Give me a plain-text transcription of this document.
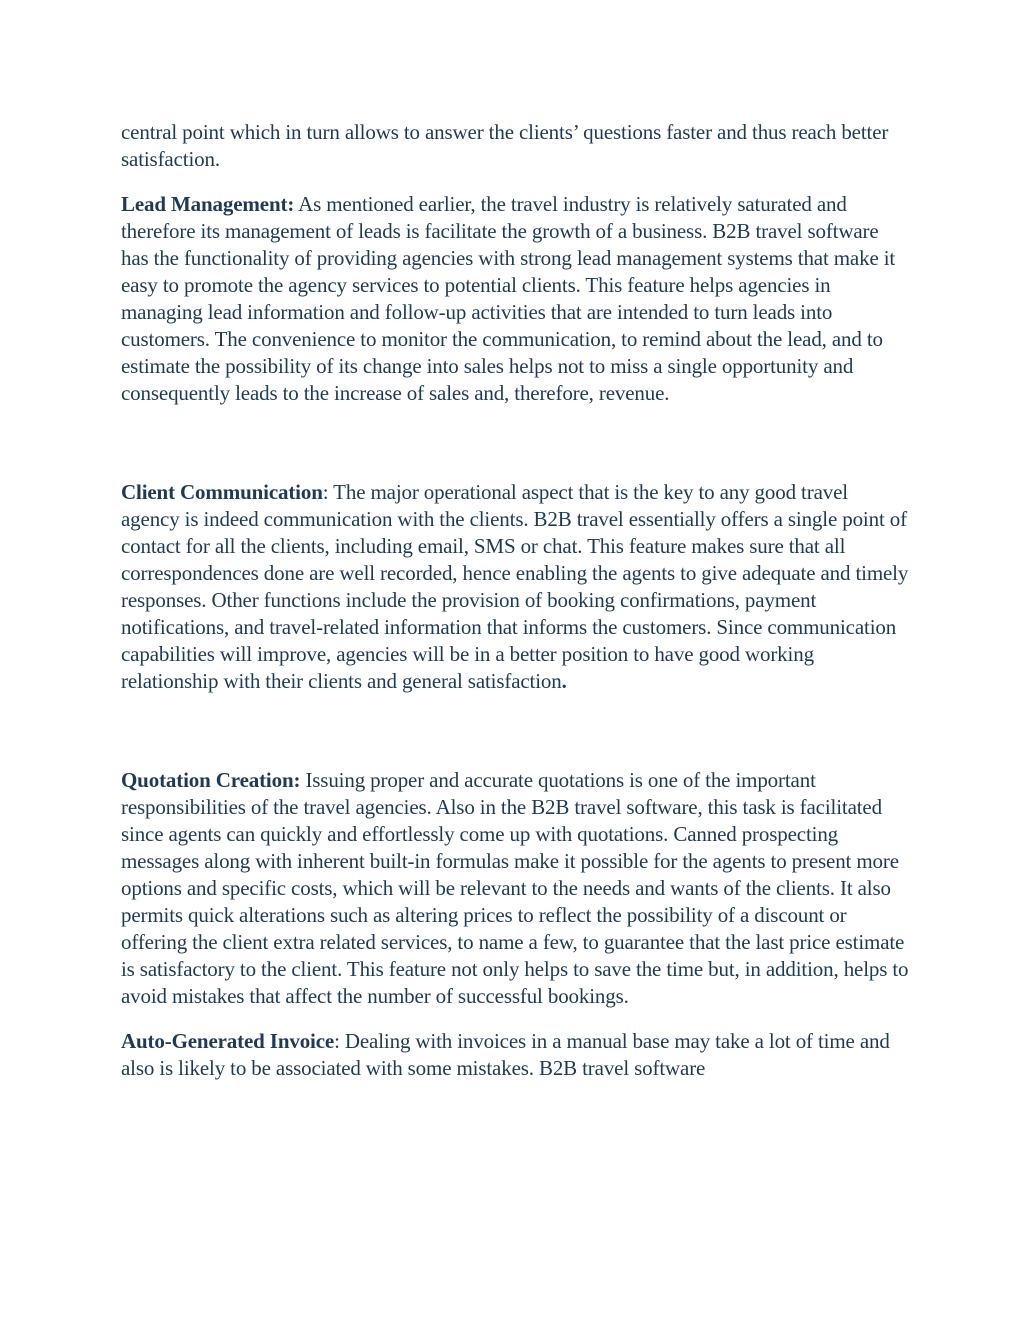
central point which in turn allows to answer the clients’ questions faster and thus reach better satisfaction.

Lead Management: As mentioned earlier, the travel industry is relatively saturated and therefore its management of leads is facilitate the growth of a business. B2B travel software has the functionality of providing agencies with strong lead management systems that make it easy to promote the agency services to potential clients. This feature helps agencies in managing lead information and follow-up activities that are intended to turn leads into customers. The convenience to monitor the communication, to remind about the lead, and to estimate the possibility of its change into sales helps not to miss a single opportunity and consequently leads to the increase of sales and, therefore, revenue.

Client Communication: The major operational aspect that is the key to any good travel agency is indeed communication with the clients. B2B travel essentially offers a single point of contact for all the clients, including email, SMS or chat. This feature makes sure that all correspondences done are well recorded, hence enabling the agents to give adequate and timely responses. Other functions include the provision of booking confirmations, payment notifications, and travel-related information that informs the customers. Since communication capabilities will improve, agencies will be in a better position to have good working relationship with their clients and general satisfaction.

Quotation Creation: Issuing proper and accurate quotations is one of the important responsibilities of the travel agencies. Also in the B2B travel software, this task is facilitated since agents can quickly and effortlessly come up with quotations. Canned prospecting messages along with inherent built-in formulas make it possible for the agents to present more options and specific costs, which will be relevant to the needs and wants of the clients. It also permits quick alterations such as altering prices to reflect the possibility of a discount or offering the client extra related services, to name a few, to guarantee that the last price estimate is satisfactory to the client. This feature not only helps to save the time but, in addition, helps to avoid mistakes that affect the number of successful bookings.

Auto-Generated Invoice: Dealing with invoices in a manual base may take a lot of time and also is likely to be associated with some mistakes. B2B travel software
